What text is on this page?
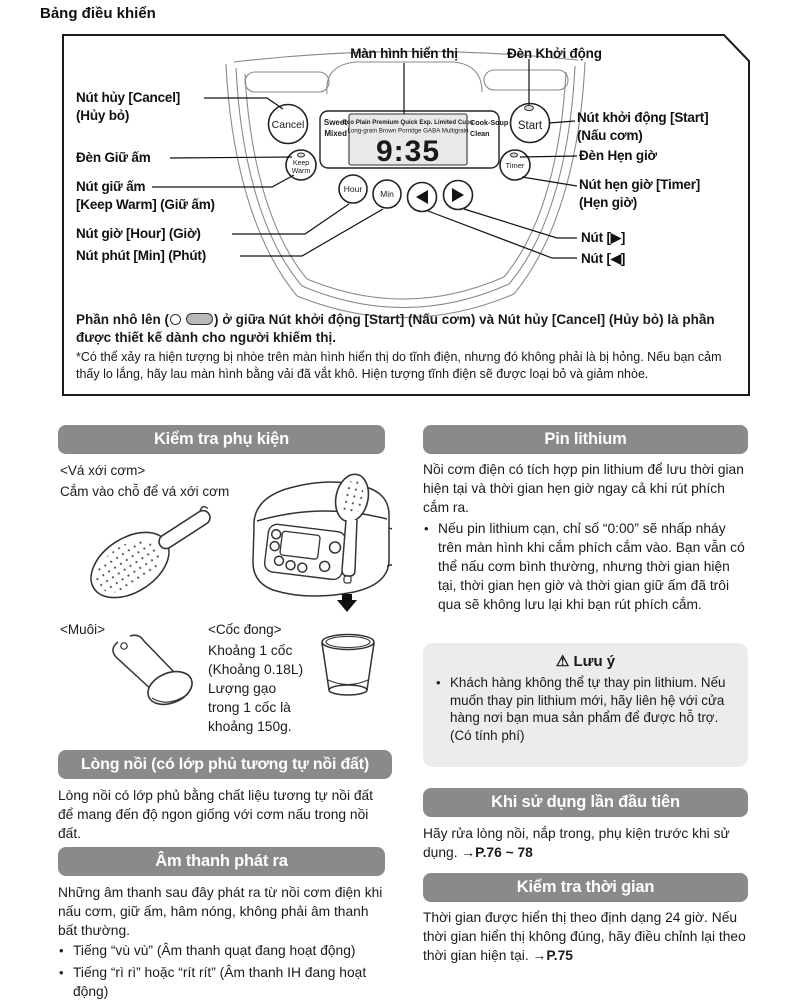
Bảng điều khiển
Sweet
Mixed
Cook-Soup
Clean
Eco Plain Premium Quick Exp. Limited Cups
Long-grain Brown Porridge GABA Multigrain
9:35
Cancel
Keep
Warm
Hour Min
Timer
Start
Màn hình hiển thị	Đèn Khởi động
Nút hủy [Cancel]
(Hủy bỏ)
Đèn Giữ ấm
Nút giữ ấm
[Keep Warm] (Giữ ấm)
Nút giờ [Hour] (Giờ)
Nút phút [Min] (Phút)
Nút khởi động [Start]
(Nấu cơm)
Đèn Hẹn giờ
Nút hẹn giờ [Timer]
(Hẹn giờ)
Nút [▶]
Nút [◀]

Phần nhô lên (	) ở giữa Nút khởi động [Start] (Nấu cơm) và Nút hủy [Cancel] (Hủy bỏ) là phần được thiết kế dành cho người khiếm thị.

*Có thể xảy ra hiện tượng bị nhòe trên màn hình hiển thị do tĩnh điện, nhưng đó không phải là bị hỏng. Nếu bạn cảm thấy lo lắng, hãy lau màn hình bằng vải đã vắt khô. Hiện tượng tĩnh điện sẽ được loại bỏ và giảm nhòe.

Kiểm tra phụ kiện
<Vá xới cơm>
Cắm vào chỗ để vá xới cơm
<Muôi>	<Cốc đong>
Khoảng 1 cốc
(Khoảng 0.18L)
Lượng gạo
trong 1 cốc là
khoảng 150g.
Lòng nồi (có lớp phủ tương tự nồi đất)
Lòng nồi có lớp phủ bằng chất liệu tương tự nồi đất để mang đến độ ngon giống với cơm nấu trong nồi đất.
Âm thanh phát ra
Những âm thanh sau đây phát ra từ nồi cơm điện khi nấu cơm, giữ ấm, hâm nóng, không phải âm thanh bất thường.
• Tiếng “vù vù” (Âm thanh quạt đang hoạt động)
• Tiếng “rì rì” hoặc “rít rít” (Âm thanh IH đang hoạt động)
Pin lithium
Nồi cơm điện có tích hợp pin lithium để lưu thời gian hiện tại và thời gian hẹn giờ ngay cả khi rút phích cắm ra.
• Nếu pin lithium cạn, chỉ số “0:00” sẽ nhấp nháy trên màn hình khi cắm phích cắm vào. Bạn vẫn có thể nấu cơm bình thường, nhưng thời gian hiện tại, thời gian hẹn giờ và thời gian giữ ấm đã trôi qua sẽ không lưu lại khi bạn rút phích cắm.
⚠ Lưu ý
• Khách hàng không thể tự thay pin lithium. Nếu muốn thay pin lithium mới, hãy liên hệ với cửa hàng nơi bạn mua sản phẩm để được hỗ trợ. (Có tính phí)
Khi sử dụng lần đầu tiên
Hãy rửa lòng nồi, nắp trong, phụ kiện trước khi sử dụng. →P.76 ~ 78
Kiểm tra thời gian
Thời gian được hiển thị theo định dạng 24 giờ. Nếu thời gian hiển thị không đúng, hãy điều chỉnh lại theo thời gian hiện tại. →P.75
